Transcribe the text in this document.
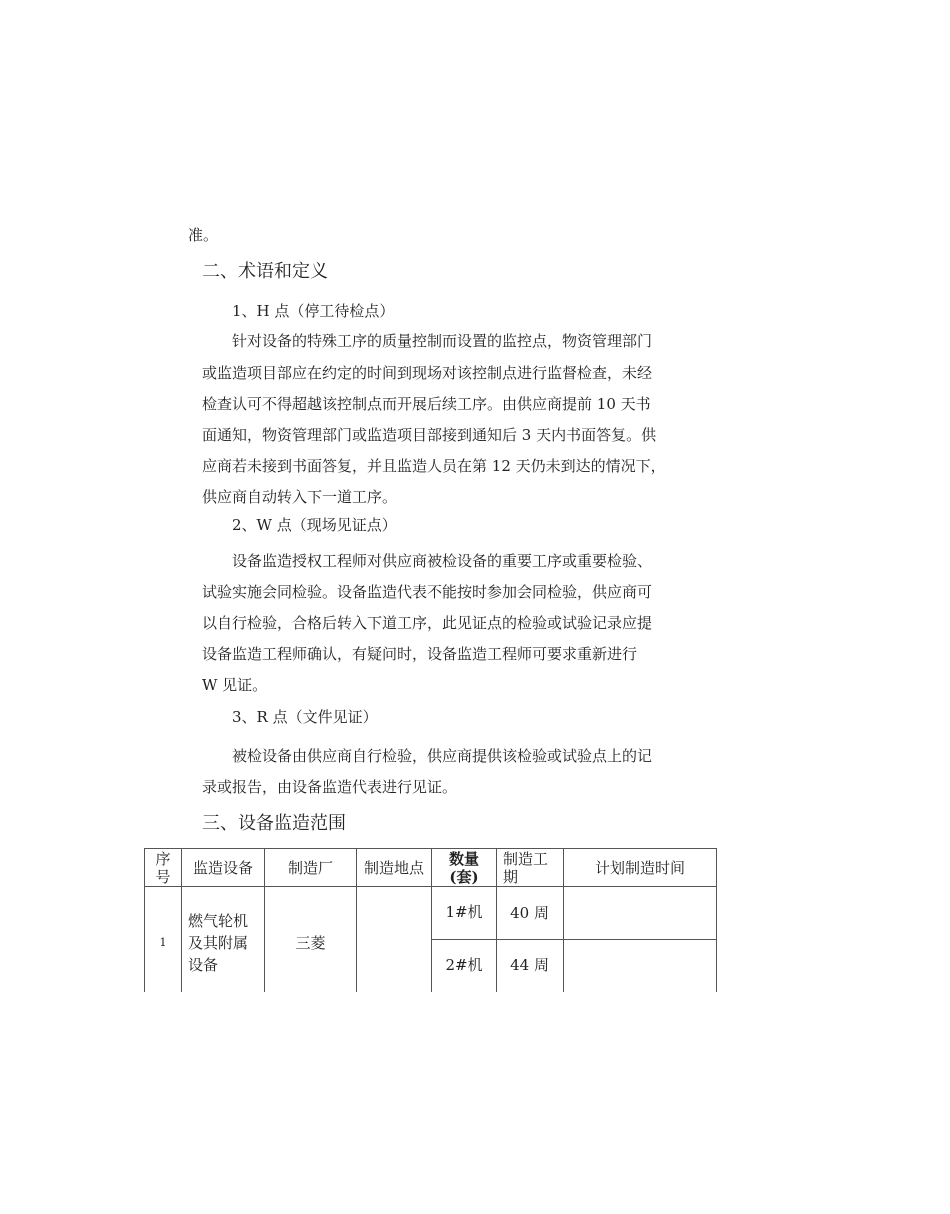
准。
二、术语和定义
1、H 点（停工待检点）
针对设备的特殊工序的质量控制而设置的监控点，物资管理部门
或监造项目部应在约定的时间到现场对该控制点进行监督检查，未经
检查认可不得超越该控制点而开展后续工序。由供应商提前 10 天书
面通知，物资管理部门或监造项目部接到通知后 3 天内书面答复。供
应商若未接到书面答复，并且监造人员在第 12 天仍未到达的情况下，
供应商自动转入下一道工序。
2、W 点（现场见证点）
设备监造授权工程师对供应商被检设备的重要工序或重要检验、
试验实施会同检验。设备监造代表不能按时参加会同检验，供应商可
以自行检验，合格后转入下道工序，此见证点的检验或试验记录应提
设备监造工程师确认，有疑问时，设备监造工程师可要求重新进行
W 见证。
3、R 点（文件见证）
被检设备由供应商自行检验，供应商提供该检验或试验点上的记
录或报告，由设备监造代表进行见证。
三、设备监造范围
序号	监造设备	制造厂	制造地点	数量(套)	制造工期	计划制造时间
1	燃气轮机及其附属设备	三菱		1#机	40 周	
				2#机	44 周	
